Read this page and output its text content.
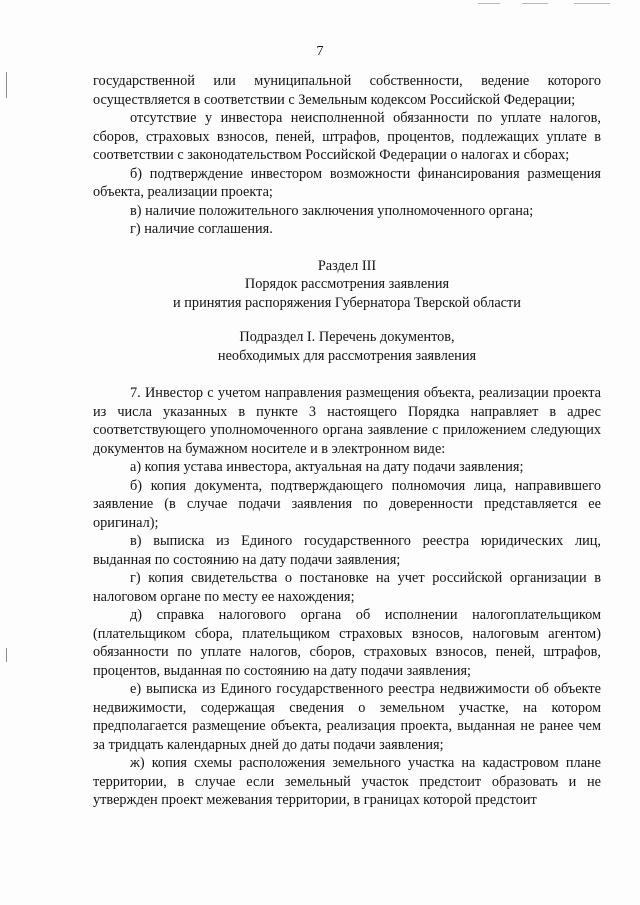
7

государственной или муниципальной собственности, ведение которого осуществляется в соответствии с Земельным кодексом Российской Федерации;

отсутствие у инвестора неисполненной обязанности по уплате налогов, сборов, страховых взносов, пеней, штрафов, процентов, подлежащих уплате в соответствии с законодательством Российской Федерации о налогах и сборах;

б) подтверждение инвестором возможности финансирования размещения объекта, реализации проекта;

в) наличие положительного заключения уполномоченного органа;

г) наличие соглашения.

Раздел III

Порядок рассмотрения заявления

и принятия распоряжения Губернатора Тверской области

Подраздел I. Перечень документов,

необходимых для рассмотрения заявления

7. Инвестор с учетом направления размещения объекта, реализации проекта из числа указанных в пункте 3 настоящего Порядка направляет в адрес соответствующего уполномоченного органа заявление с приложением следующих документов на бумажном носителе и в электронном виде:

а) копия устава инвестора, актуальная на дату подачи заявления;

б) копия документа, подтверждающего полномочия лица, направившего заявление (в случае подачи заявления по доверенности представляется ее оригинал);

в) выписка из Единого государственного реестра юридических лиц, выданная по состоянию на дату подачи заявления;

г) копия свидетельства о постановке на учет российской организации в налоговом органе по месту ее нахождения;

д) справка налогового органа об исполнении налогоплательщиком (плательщиком сбора, плательщиком страховых взносов, налоговым агентом) обязанности по уплате налогов, сборов, страховых взносов, пеней, штрафов, процентов, выданная по состоянию на дату подачи заявления;

е) выписка из Единого государственного реестра недвижимости об объекте недвижимости, содержащая сведения о земельном участке, на котором предполагается размещение объекта, реализация проекта, выданная не ранее чем за тридцать календарных дней до даты подачи заявления;

ж) копия схемы расположения земельного участка на кадастровом плане территории, в случае если земельный участок предстоит образовать и не утвержден проект межевания территории, в границах которой предстоит
